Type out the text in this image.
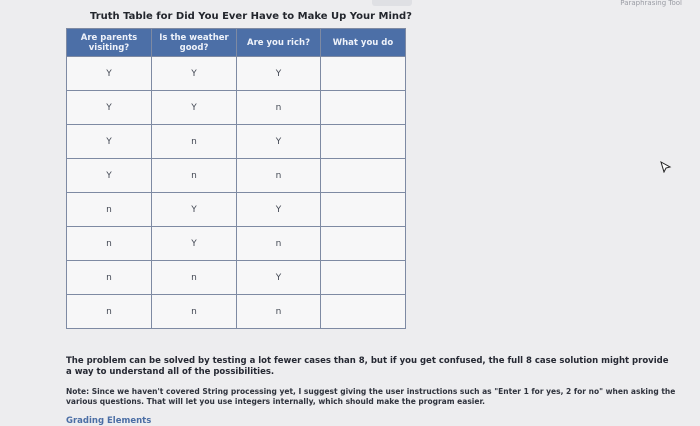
Paraphrasing Tool
Truth Table for Did You Ever Have to Make Up Your Mind?
Are parents visiting?	Is the weather good?	Are you rich?	What you do
Y	Y	Y	
Y	Y	n	
Y	n	Y	
Y	n	n	
n	Y	Y	
n	Y	n	
n	n	Y	
n	n	n	
The problem can be solved by testing a lot fewer cases than 8, but if you get confused, the full 8 case solution might provide a way to understand all of the possibilities.
Note: Since we haven't covered String processing yet, I suggest giving the user instructions such as "Enter 1 for yes, 2 for no" when asking the various questions. That will let you use integers internally, which should make the program easier.
Grading Elements
